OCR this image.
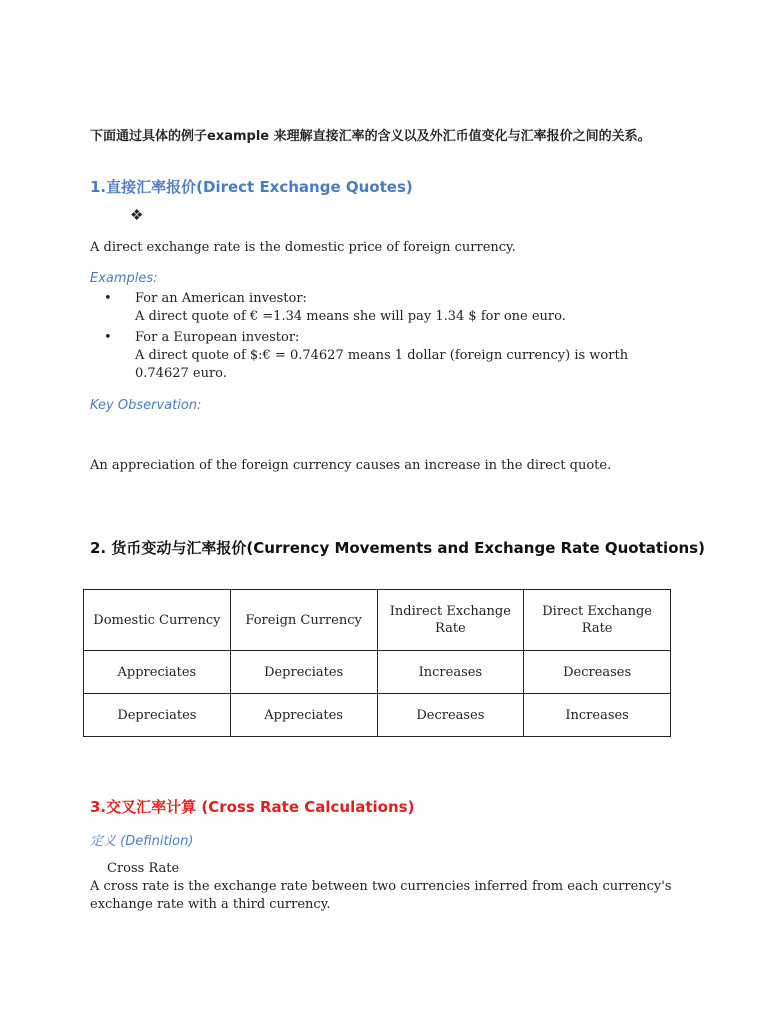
下面通过具体的例子example 来理解直接汇率的含义以及外汇币值变化与汇率报价之间的关系。
1.直接汇率报价(Direct Exchange Quotes)
❖
A direct exchange rate is the domestic price of foreign currency.
Examples:
• For an American investor:
A direct quote of € =1.34 means she will pay 1.34 $ for one euro.
• For a European investor:
A direct quote of $:€ = 0.74627 means 1 dollar (foreign currency) is worth 0.74627 euro.
Key Observation:
An appreciation of the foreign currency causes an increase in the direct quote.
2. 货币变动与汇率报价(Currency Movements and Exchange Rate Quotations)
Domestic Currency	Foreign Currency	Indirect Exchange Rate	Direct Exchange Rate
Appreciates	Depreciates	Increases	Decreases
Depreciates	Appreciates	Decreases	Increases
3.交叉汇率计算 (Cross Rate Calculations)
定义 (Definition)
Cross Rate
A cross rate is the exchange rate between two currencies inferred from each currency's exchange rate with a third currency.
